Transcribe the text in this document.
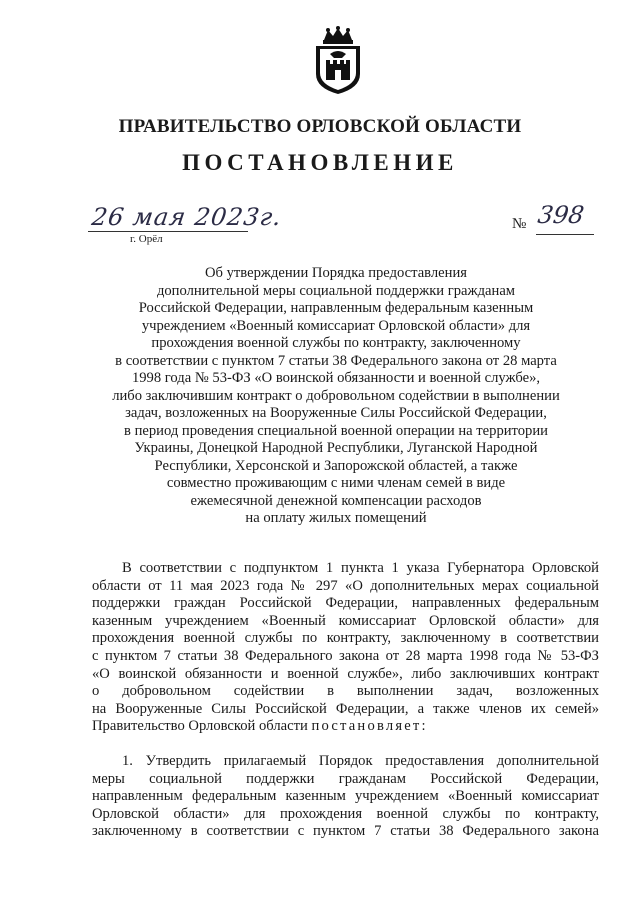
ПРАВИТЕЛЬСТВО ОРЛОВСКОЙ ОБЛАСТИ
ПОСТАНОВЛЕНИЕ
26 мая 2023г.
г. Орёл
№ 398
Об утверждении Порядка предоставления
дополнительной меры социальной поддержки гражданам
Российской Федерации, направленным федеральным казенным
учреждением «Военный комиссариат Орловской области» для
прохождения военной службы по контракту, заключенному
в соответствии с пунктом 7 статьи 38 Федерального закона от 28 марта
1998 года № 53-ФЗ «О воинской обязанности и военной службе»,
либо заключившим контракт о добровольном содействии в выполнении
задач, возложенных на Вооруженные Силы Российской Федерации,
в период проведения специальной военной операции на территории
Украины, Донецкой Народной Республики, Луганской Народной
Республики, Херсонской и Запорожской областей, а также
совместно проживающим с ними членам семей в виде
ежемесячной денежной компенсации расходов
на оплату жилых помещений
В соответствии с подпунктом 1 пункта 1 указа Губернатора Орловской
области от 11 мая 2023 года № 297 «О дополнительных мерах социальной
поддержки граждан Российской Федерации, направленных федеральным
казенным учреждением «Военный комиссариат Орловской области» для
прохождения военной службы по контракту, заключенному в соответствии
с пунктом 7 статьи 38 Федерального закона от 28 марта 1998 года № 53-ФЗ
«О воинской обязанности и военной службе», либо заключивших контракт
о добровольном содействии в выполнении задач, возложенных
на Вооруженные Силы Российской Федерации, а также членов их семей»
Правительство Орловской области постановляет:
1. Утвердить прилагаемый Порядок предоставления дополнительной
меры социальной поддержки гражданам Российской Федерации,
направленным федеральным казенным учреждением «Военный комиссариат
Орловской области» для прохождения военной службы по контракту,
заключенному в соответствии с пунктом 7 статьи 38 Федерального закона
